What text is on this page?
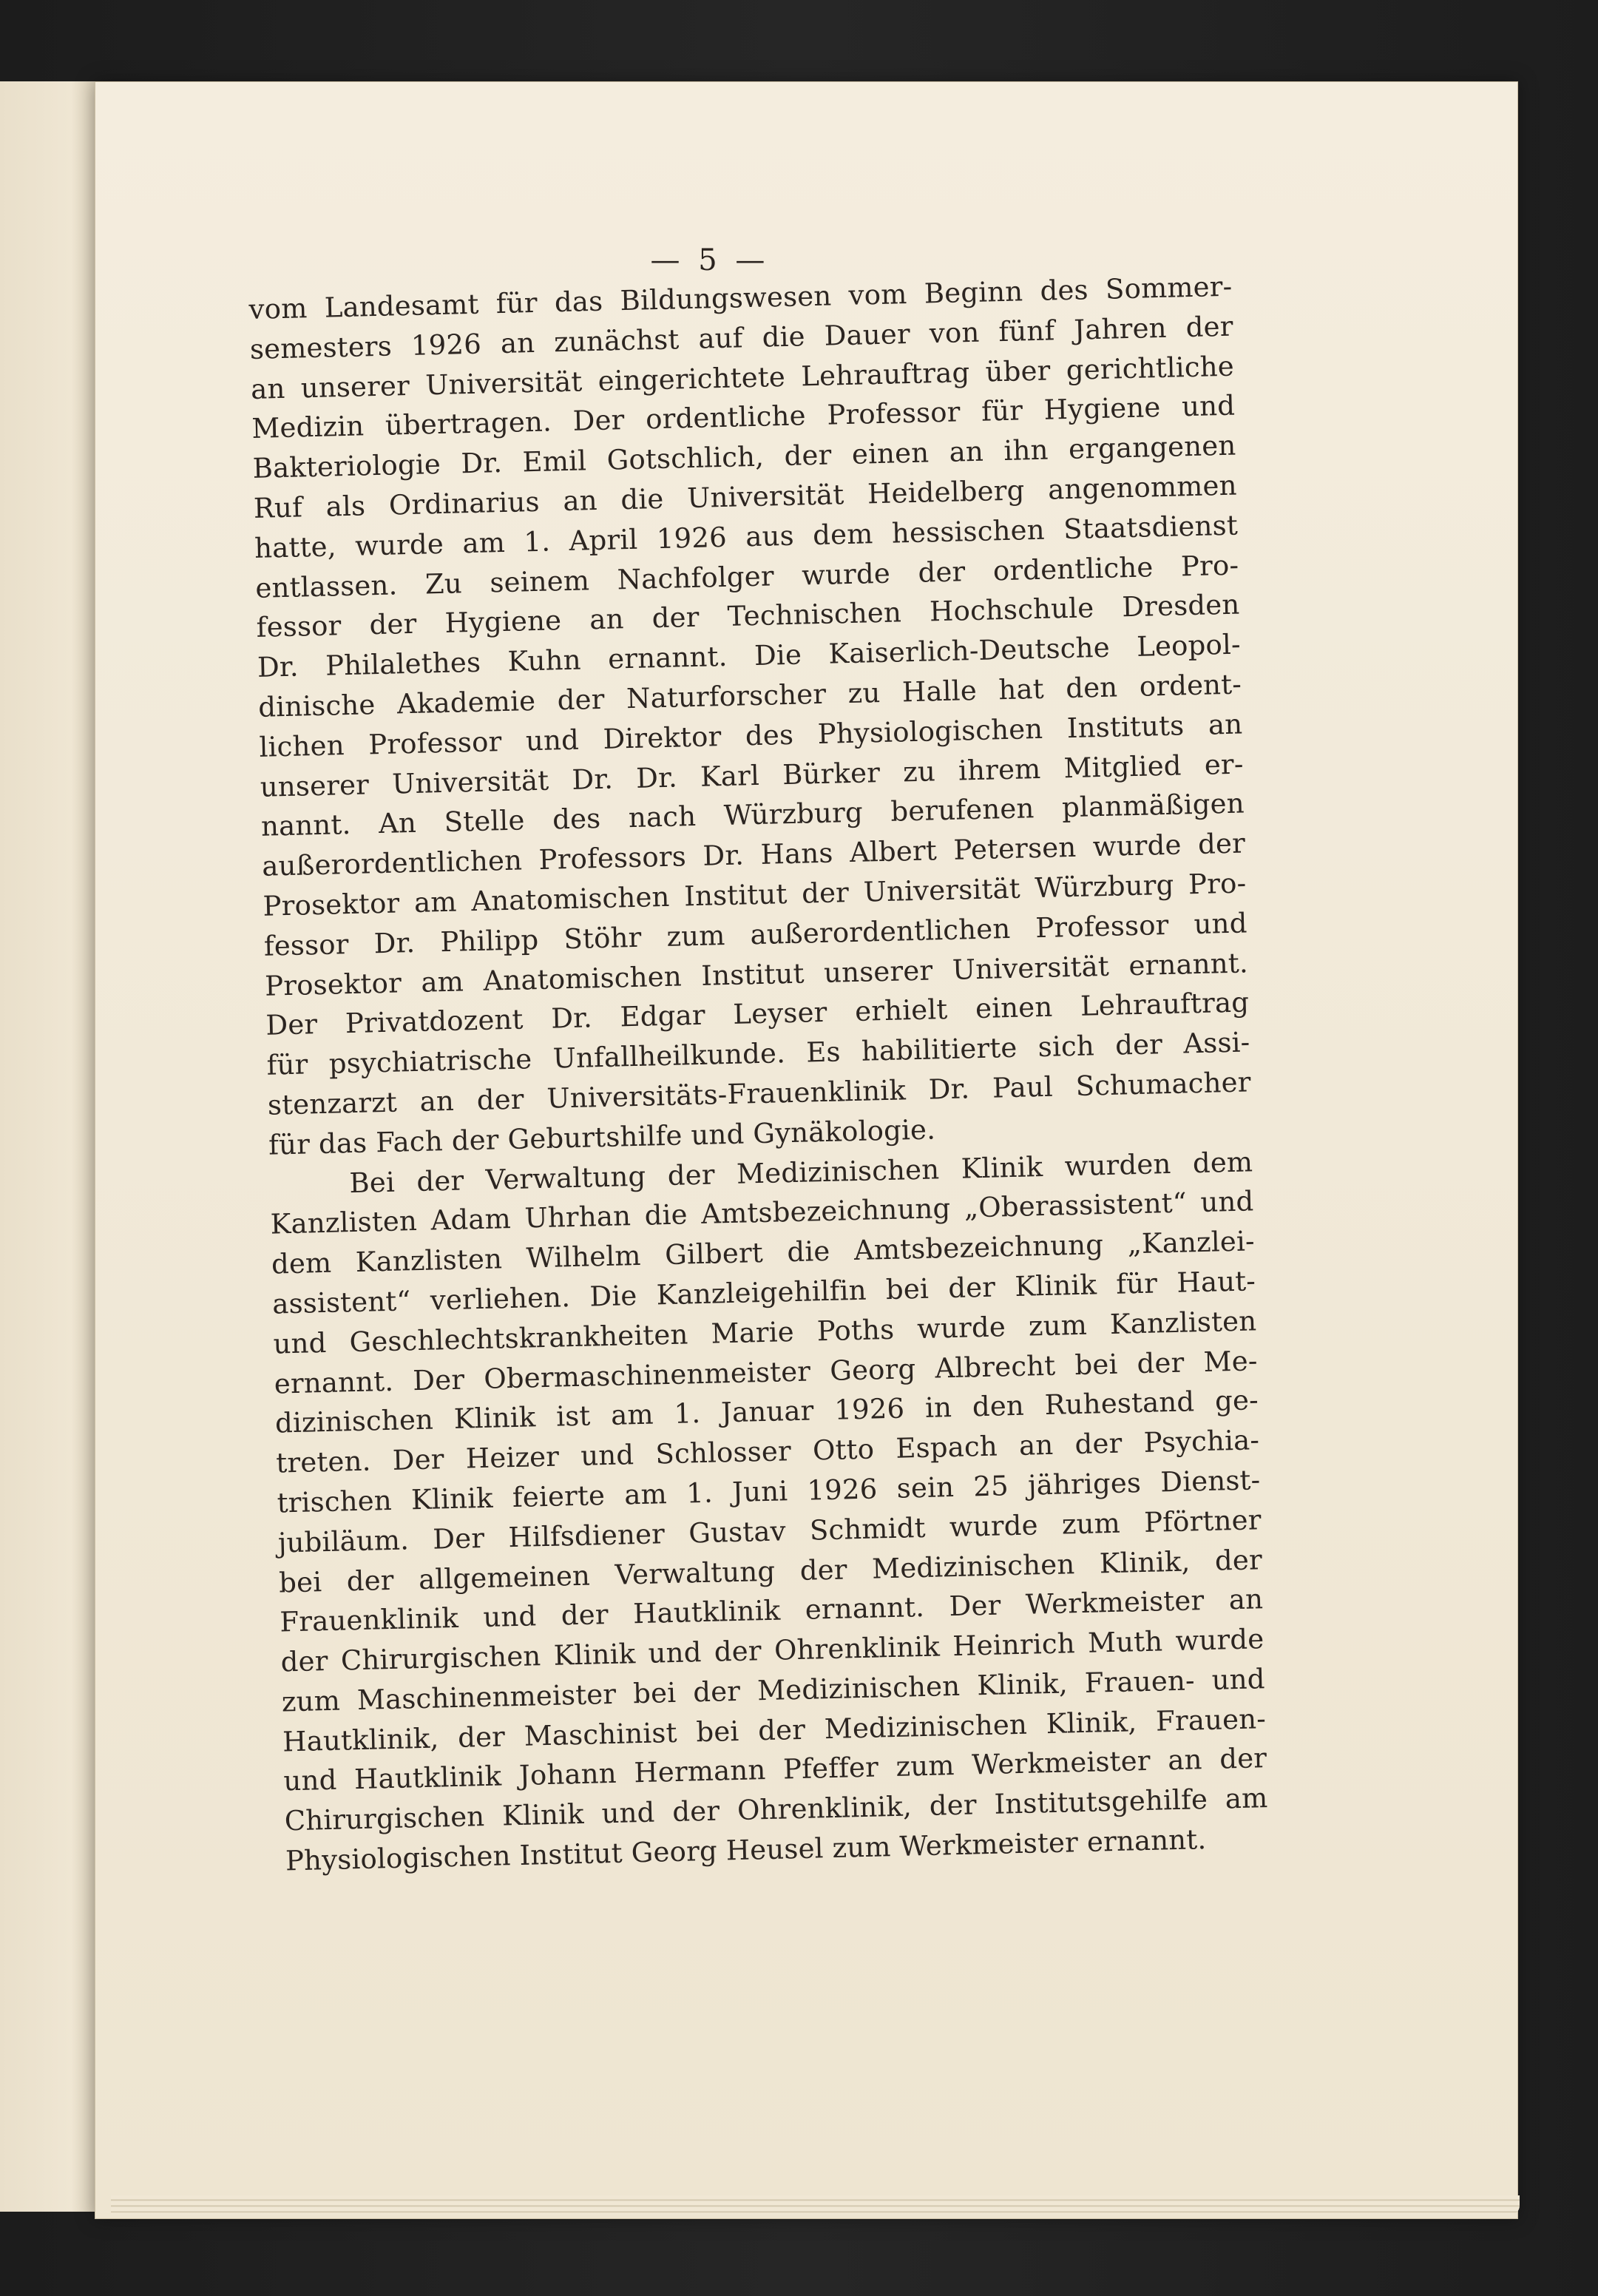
— 5 —
vom Landesamt für das Bildungswesen vom Beginn des Sommer-
semesters 1926 an zunächst auf die Dauer von fünf Jahren der
an unserer Universität eingerichtete Lehrauftrag über gerichtliche
Medizin übertragen. Der ordentliche Professor für Hygiene und
Bakteriologie Dr. Emil Gotschlich, der einen an ihn ergangenen
Ruf als Ordinarius an die Universität Heidelberg angenommen
hatte, wurde am 1. April 1926 aus dem hessischen Staatsdienst
entlassen. Zu seinem Nachfolger wurde der ordentliche Pro-
fessor der Hygiene an der Technischen Hochschule Dresden
Dr. Philalethes Kuhn ernannt. Die Kaiserlich-Deutsche Leopol-
dinische Akademie der Naturforscher zu Halle hat den ordent-
lichen Professor und Direktor des Physiologischen Instituts an
unserer Universität Dr. Dr. Karl Bürker zu ihrem Mitglied er-
nannt. An Stelle des nach Würzburg berufenen planmäßigen
außerordentlichen Professors Dr. Hans Albert Petersen wurde der
Prosektor am Anatomischen Institut der Universität Würzburg Pro-
fessor Dr. Philipp Stöhr zum außerordentlichen Professor und
Prosektor am Anatomischen Institut unserer Universität ernannt.
Der Privatdozent Dr. Edgar Leyser erhielt einen Lehrauftrag
für psychiatrische Unfallheilkunde. Es habilitierte sich der Assi-
stenzarzt an der Universitäts-Frauenklinik Dr. Paul Schumacher
für das Fach der Geburtshilfe und Gynäkologie.
Bei der Verwaltung der Medizinischen Klinik wurden dem
Kanzlisten Adam Uhrhan die Amtsbezeichnung „Oberassistent“ und
dem Kanzlisten Wilhelm Gilbert die Amtsbezeichnung „Kanzlei-
assistent“ verliehen. Die Kanzleigehilfin bei der Klinik für Haut-
und Geschlechtskrankheiten Marie Poths wurde zum Kanzlisten
ernannt. Der Obermaschinenmeister Georg Albrecht bei der Me-
dizinischen Klinik ist am 1. Januar 1926 in den Ruhestand ge-
treten. Der Heizer und Schlosser Otto Espach an der Psychia-
trischen Klinik feierte am 1. Juni 1926 sein 25 jähriges Dienst-
jubiläum. Der Hilfsdiener Gustav Schmidt wurde zum Pförtner
bei der allgemeinen Verwaltung der Medizinischen Klinik, der
Frauenklinik und der Hautklinik ernannt. Der Werkmeister an
der Chirurgischen Klinik und der Ohrenklinik Heinrich Muth wurde
zum Maschinenmeister bei der Medizinischen Klinik, Frauen- und
Hautklinik, der Maschinist bei der Medizinischen Klinik, Frauen-
und Hautklinik Johann Hermann Pfeffer zum Werkmeister an der
Chirurgischen Klinik und der Ohrenklinik, der Institutsgehilfe am
Physiologischen Institut Georg Heusel zum Werkmeister ernannt.
